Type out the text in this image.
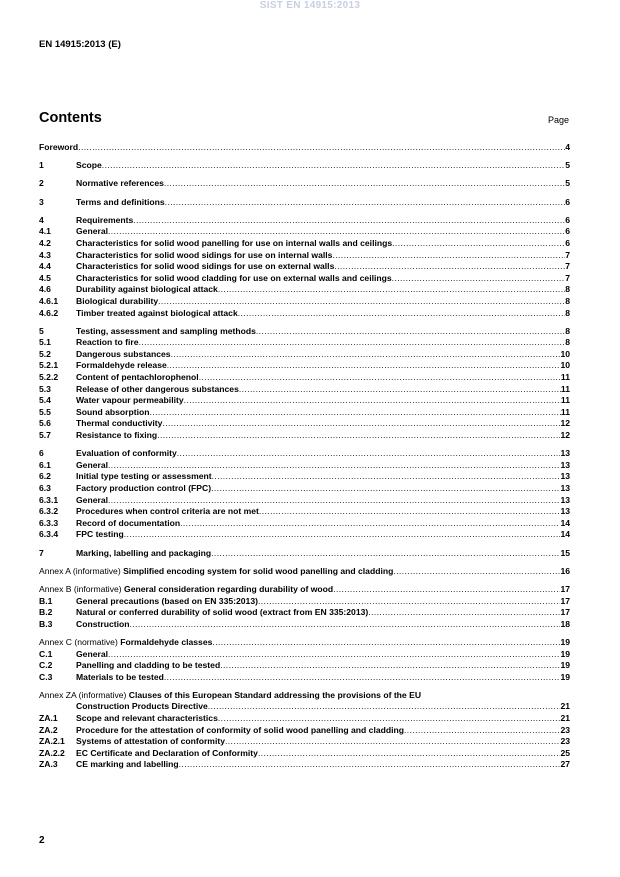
SIST EN 14915:2013
EN 14915:2013 (E)
Contents	Page
Foreword .....	4
1	Scope .....	5
2	Normative references .....	5
3	Terms and definitions .....	6
4	Requirements .....	6
4.1	General .....	6
4.2	Characteristics for solid wood panelling for use on internal walls and ceilings .....	6
4.3	Characteristics for solid wood sidings for use on internal walls .....	7
4.4	Characteristics for solid wood sidings for use on external walls .....	7
4.5	Characteristics for solid wood cladding for use on external walls and ceilings .....	7
4.6	Durability against biological attack .....	8
4.6.1	Biological durability .....	8
4.6.2	Timber treated against biological attack .....	8
5	Testing, assessment and sampling methods .....	8
5.1	Reaction to fire .....	8
5.2	Dangerous substances .....	10
5.2.1	Formaldehyde release .....	10
5.2.2	Content of pentachlorophenol .....	11
5.3	Release of other dangerous substances .....	11
5.4	Water vapour permeability .....	11
5.5	Sound absorption .....	11
5.6	Thermal conductivity .....	12
5.7	Resistance to fixing .....	12
6	Evaluation of conformity .....	13
6.1	General .....	13
6.2	Initial type testing or assessment .....	13
6.3	Factory production control (FPC) .....	13
6.3.1	General .....	13
6.3.2	Procedures when control criteria are not met .....	13
6.3.3	Record of documentation .....	14
6.3.4	FPC testing .....	14
7	Marking, labelling and packaging .....	15
Annex A (informative) Simplified encoding system for solid wood panelling and cladding .....	16
Annex B (informative) General consideration regarding durability of wood .....	17
B.1	General precautions (based on EN 335:2013) .....	17
B.2	Natural or conferred durability of solid wood (extract from EN 335:2013) .....	17
B.3	Construction .....	18
Annex C (normative) Formaldehyde classes .....	19
C.1	General .....	19
C.2	Panelling and cladding to be tested .....	19
C.3	Materials to be tested .....	19
Annex ZA (informative) Clauses of this European Standard addressing the provisions of the EU
Construction Products Directive .....	21
ZA.1	Scope and relevant characteristics .....	21
ZA.2	Procedure for the attestation of conformity of solid wood panelling and cladding .....	23
ZA.2.1	Systems of attestation of conformity .....	23
ZA.2.2	EC Certificate and Declaration of Conformity .....	25
ZA.3	CE marking and labelling .....	27
2
